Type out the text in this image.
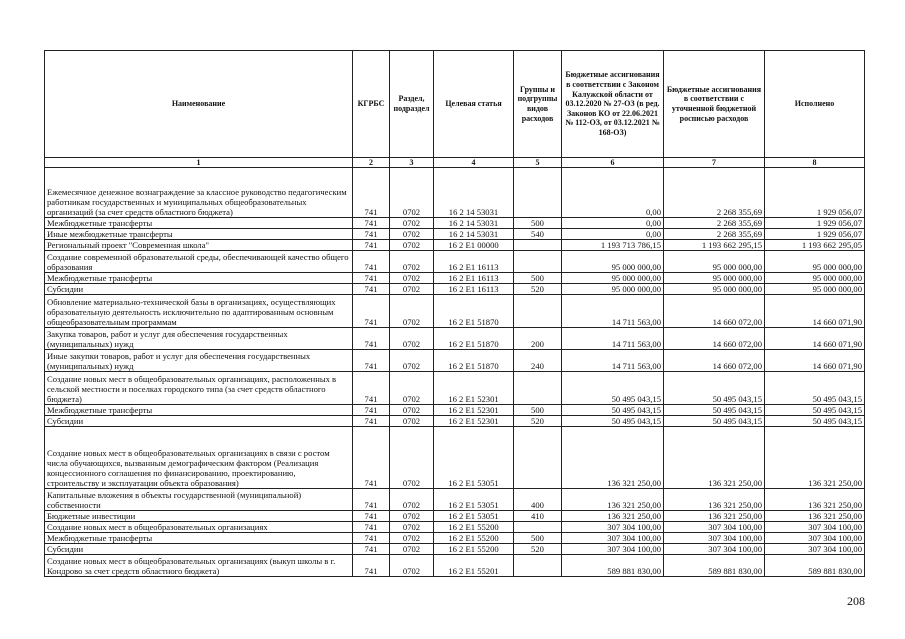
Наименование	КГРБС	Раздел, подраздел	Целевая статья	Группы и подгруппы видов расходов	Бюджетные ассигнования в соответствии с Законом Калужской области от 03.12.2020 № 27-ОЗ (в ред. Законов КО от 22.06.2021 № 112-ОЗ, от 03.12.2021 № 168-ОЗ)	Бюджетные ассигнования в соответствии с уточненной бюджетной росписью расходов	Исполнено
1	2	3	4	5	6	7	8
Ежемесячное денежное вознаграждение за классное руководство педагогическим работникам государственных и муниципальных общеобразовательных организаций (за счет средств областного бюджета)	741	0702	16 2 14 53031		0,00	2 268 355,69	1 929 056,07
Межбюджетные трансферты	741	0702	16 2 14 53031	500	0,00	2 268 355,69	1 929 056,07
Иные межбюджетные трансферты	741	0702	16 2 14 53031	540	0,00	2 268 355,69	1 929 056,07
Региональный проект "Современная школа"	741	0702	16 2 E1 00000		1 193 713 786,15	1 193 662 295,15	1 193 662 295,05
Создание современной образовательной среды, обеспечивающей качество общего образования	741	0702	16 2 E1 16113		95 000 000,00	95 000 000,00	95 000 000,00
Межбюджетные трансферты	741	0702	16 2 E1 16113	500	95 000 000,00	95 000 000,00	95 000 000,00
Субсидии	741	0702	16 2 E1 16113	520	95 000 000,00	95 000 000,00	95 000 000,00
Обновление материально-технической базы в организациях, осуществляющих образовательную деятельность исключительно по адаптированным основным общеобразовательным программам	741	0702	16 2 E1 51870		14 711 563,00	14 660 072,00	14 660 071,90
Закупка товаров, работ и услуг для обеспечения государственных (муниципальных) нужд	741	0702	16 2 E1 51870	200	14 711 563,00	14 660 072,00	14 660 071,90
Иные закупки товаров, работ и услуг для обеспечения государственных (муниципальных) нужд	741	0702	16 2 E1 51870	240	14 711 563,00	14 660 072,00	14 660 071,90
Создание новых мест в общеобразовательных организациях, расположенных в сельской местности и поселках городского типа (за счет средств областного бюджета)	741	0702	16 2 E1 52301		50 495 043,15	50 495 043,15	50 495 043,15
Межбюджетные трансферты	741	0702	16 2 E1 52301	500	50 495 043,15	50 495 043,15	50 495 043,15
Субсидии	741	0702	16 2 E1 52301	520	50 495 043,15	50 495 043,15	50 495 043,15
Создание новых мест в общеобразовательных организациях в связи с ростом числа обучающихся, вызванным демографическим фактором (Реализация концессионного соглашения по финансированию, проектированию, строительству и эксплуатации объекта образования)	741	0702	16 2 E1 53051		136 321 250,00	136 321 250,00	136 321 250,00
Капитальные вложения в объекты государственной (муниципальной) собственности	741	0702	16 2 E1 53051	400	136 321 250,00	136 321 250,00	136 321 250,00
Бюджетные инвестиции	741	0702	16 2 E1 53051	410	136 321 250,00	136 321 250,00	136 321 250,00
Создание новых мест в общеобразовательных организациях	741	0702	16 2 E1 55200		307 304 100,00	307 304 100,00	307 304 100,00
Межбюджетные трансферты	741	0702	16 2 E1 55200	500	307 304 100,00	307 304 100,00	307 304 100,00
Субсидии	741	0702	16 2 E1 55200	520	307 304 100,00	307 304 100,00	307 304 100,00
Создание новых мест в общеобразовательных организациях (выкуп школы в г. Кондрово за счет средств областного бюджета)	741	0702	16 2 E1 55201		589 881 830,00	589 881 830,00	589 881 830,00
208
